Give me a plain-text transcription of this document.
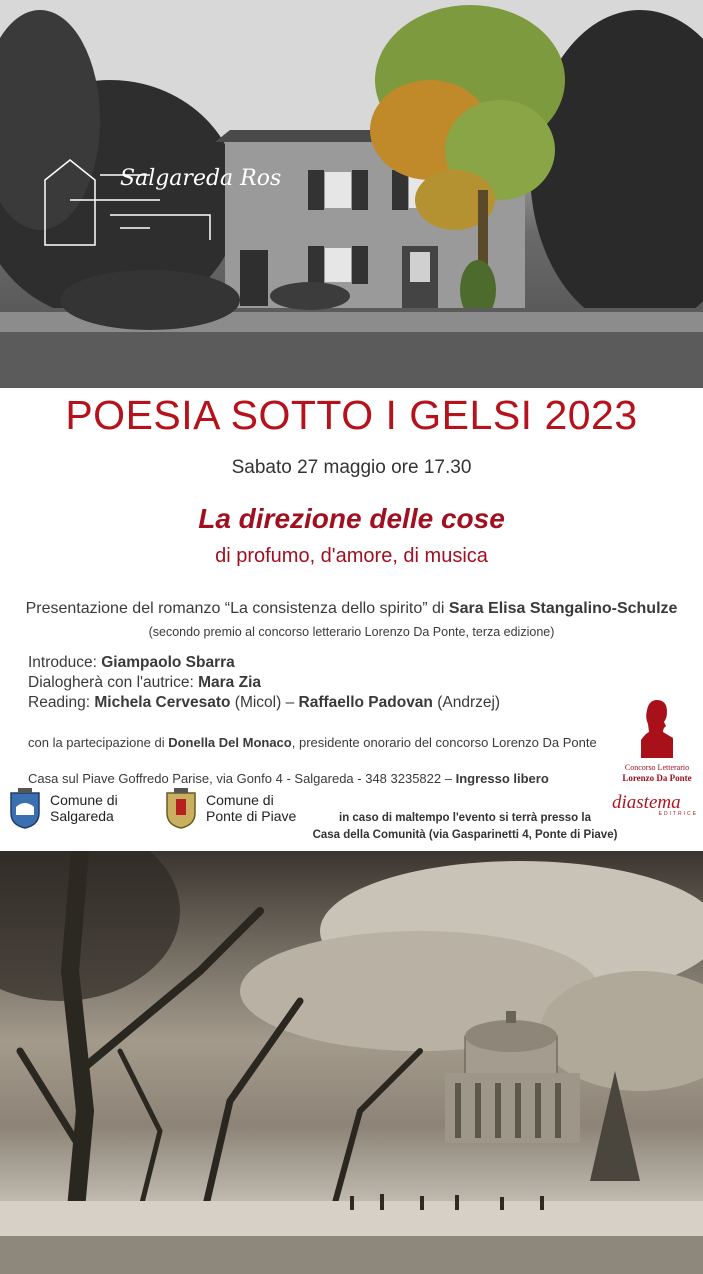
Salgareda Ros
POESIA SOTTO I GELSI 2023
Sabato 27 maggio ore 17.30
La direzione delle cose
di profumo, d'amore, di musica
Presentazione del romanzo “La consistenza dello spirito” di Sara Elisa Stangalino-Schulze
(secondo premio al concorso letterario Lorenzo Da Ponte, terza edizione)
Introduce: Giampaolo Sbarra
Dialogherà con l'autrice: Mara Zia
Reading: Michela Cervesato (Micol) – Raffaello Padovan (Andrzej)
con la partecipazione di Donella Del Monaco, presidente onorario del concorso Lorenzo Da Ponte
Casa sul Piave Goffredo Parise, via Gonfo 4 - Salgareda - 348 3235822 – Ingresso libero
Comune di
Salgareda
Comune di
Ponte di Piave	in caso di maltempo l'evento si terrà presso la
Casa della Comunità (via Gasparinetti 4, Ponte di Piave)
Concorso Letterario
Lorenzo Da Ponte
diastema
EDITRICE
